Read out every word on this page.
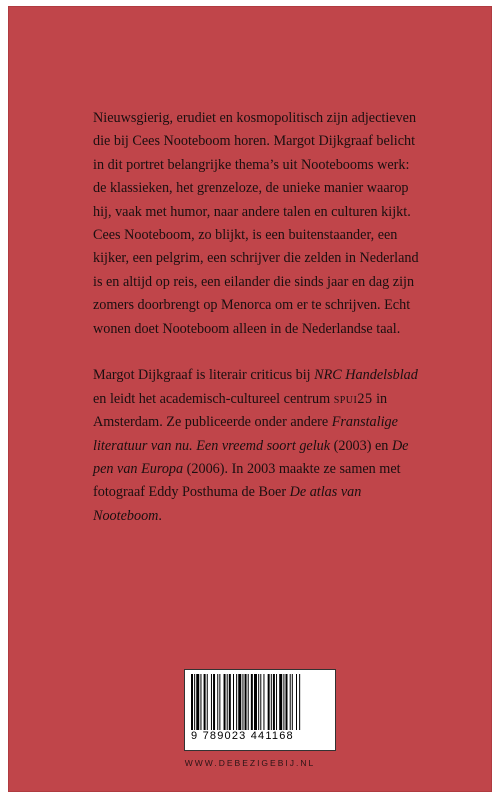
Nieuwsgierig, erudiet en kosmopolitisch zijn adjectieven die bij Cees Nooteboom horen. Margot Dijkgraaf belicht in dit portret belangrijke thema’s uit Nootebooms werk: de klassieken, het grenzeloze, de unieke manier waarop hij, vaak met humor, naar andere talen en culturen kijkt. Cees Nooteboom, zo blijkt, is een buitenstaander, een kijker, een pelgrim, een schrijver die zelden in Nederland is en altijd op reis, een eilander die sinds jaar en dag zijn zomers doorbrengt op Menorca om er te schrijven. Echt wonen doet Nooteboom alleen in de Nederlandse taal.

Margot Dijkgraaf is literair criticus bij NRC Handelsblad en leidt het academisch-cultureel centrum spui25 in Amsterdam. Ze publiceerde onder andere Franstalige literatuur van nu. Een vreemd soort geluk (2003) en De pen van Europa (2006). In 2003 maakte ze samen met fotograaf Eddy Posthuma de Boer De atlas van Nooteboom.

9 789023 441168
WWW.DEBEZIGEBIJ.NL
